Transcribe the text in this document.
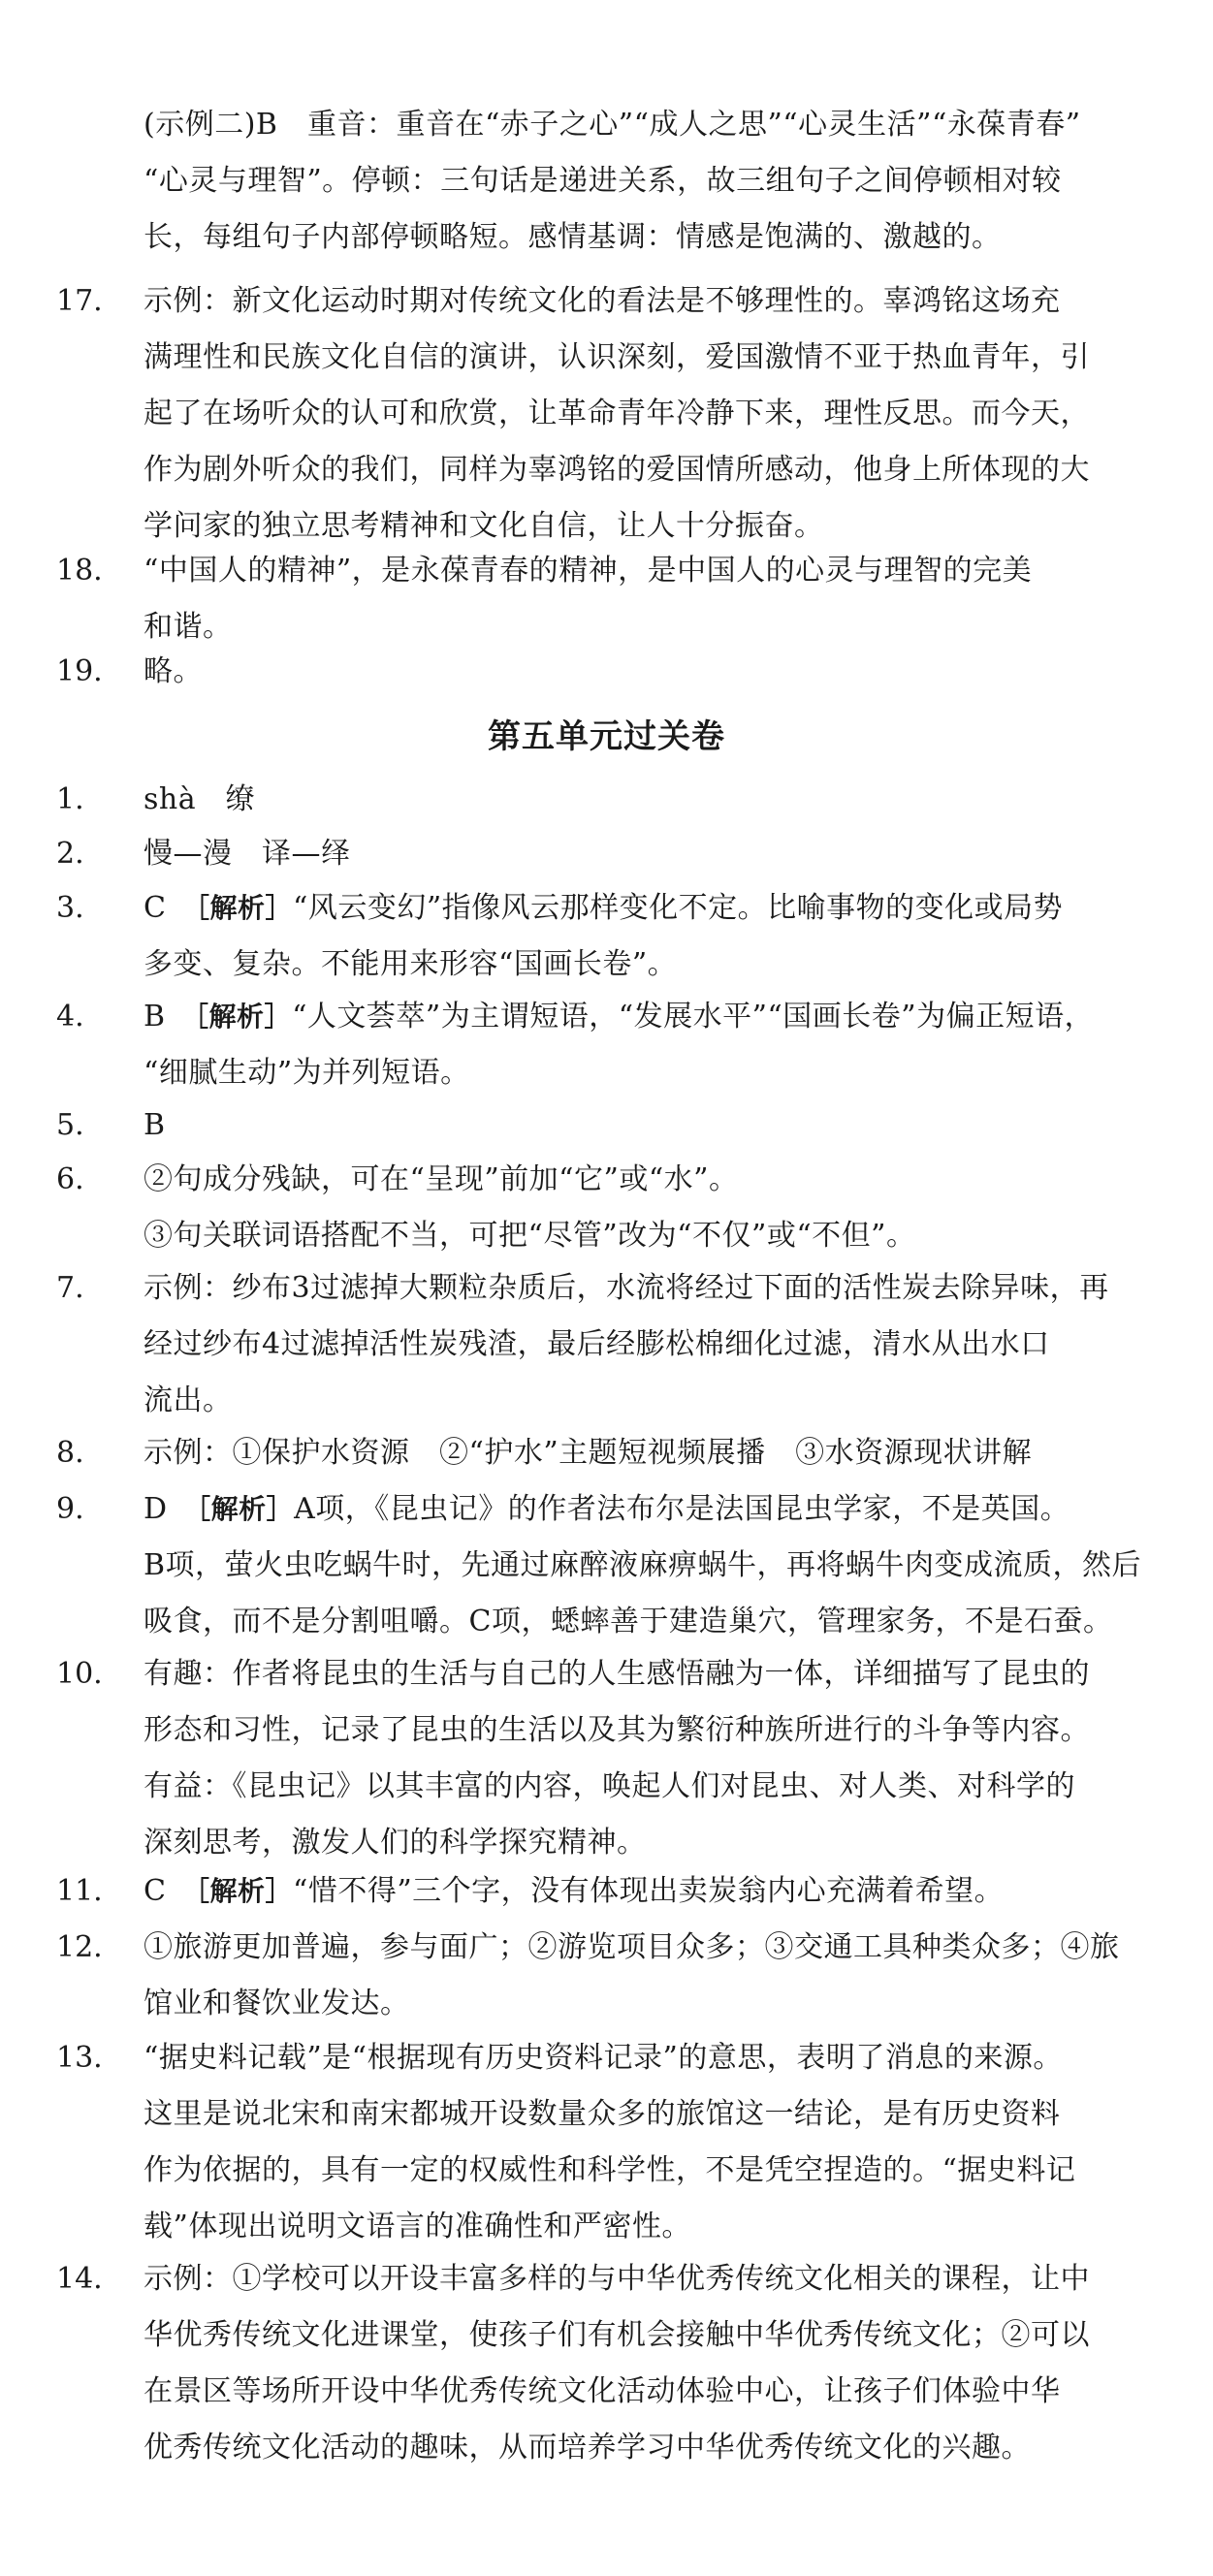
(示例二)B　重音：重音在“赤子之心”“成人之思”“心灵生活”“永葆青春”

“心灵与理智”。停顿：三句话是递进关系，故三组句子之间停顿相对较

长，每组句子内部停顿略短。感情基调：情感是饱满的、激越的。

17. 示例：新文化运动时期对传统文化的看法是不够理性的。辜鸿铭这场充

满理性和民族文化自信的演讲，认识深刻，爱国激情不亚于热血青年，引

起了在场听众的认可和欣赏，让革命青年冷静下来，理性反思。而今天，

作为剧外听众的我们，同样为辜鸿铭的爱国情所感动，他身上所体现的大

学问家的独立思考精神和文化自信，让人十分振奋。

18. “中国人的精神”，是永葆青春的精神，是中国人的心灵与理智的完美

和谐。

19. 略。

第五单元过关卷
1. shà　缭

2. 慢—漫　译—绎

3. C　［解析］“风云变幻”指像风云那样变化不定。比喻事物的变化或局势

多变、复杂。不能用来形容“国画长卷”。

4. B　［解析］“人文荟萃”为主谓短语，“发展水平”“国画长卷”为偏正短语，

“细腻生动”为并列短语。

5. B

6. ②句成分残缺，可在“呈现”前加“它”或“水”。

③句关联词语搭配不当，可把“尽管”改为“不仅”或“不但”。

7. 示例：纱布3过滤掉大颗粒杂质后，水流将经过下面的活性炭去除异味，再

经过纱布4过滤掉活性炭残渣，最后经膨松棉细化过滤，清水从出水口

流出。

8. 示例：①保护水资源　②“护水”主题短视频展播　③水资源现状讲解

9. D　［解析］A项，《昆虫记》的作者法布尔是法国昆虫学家，不是英国。

B项，萤火虫吃蜗牛时，先通过麻醉液麻痹蜗牛，再将蜗牛肉变成流质，然后

吸食，而不是分割咀嚼。C项，蟋蟀善于建造巢穴，管理家务，不是石蚕。

10. 有趣：作者将昆虫的生活与自己的人生感悟融为一体，详细描写了昆虫的

形态和习性，记录了昆虫的生活以及其为繁衍种族所进行的斗争等内容。

有益：《昆虫记》以其丰富的内容，唤起人们对昆虫、对人类、对科学的

深刻思考，激发人们的科学探究精神。

11. C　［解析］“惜不得”三个字，没有体现出卖炭翁内心充满着希望。

12. ①旅游更加普遍，参与面广；②游览项目众多；③交通工具种类众多；④旅

馆业和餐饮业发达。

13. “据史料记载”是“根据现有历史资料记录”的意思，表明了消息的来源。

这里是说北宋和南宋都城开设数量众多的旅馆这一结论，是有历史资料

作为依据的，具有一定的权威性和科学性，不是凭空捏造的。“据史料记

载”体现出说明文语言的准确性和严密性。

14. 示例：①学校可以开设丰富多样的与中华优秀传统文化相关的课程，让中

华优秀传统文化进课堂，使孩子们有机会接触中华优秀传统文化；②可以

在景区等场所开设中华优秀传统文化活动体验中心，让孩子们体验中华

优秀传统文化活动的趣味，从而培养学习中华优秀传统文化的兴趣。
